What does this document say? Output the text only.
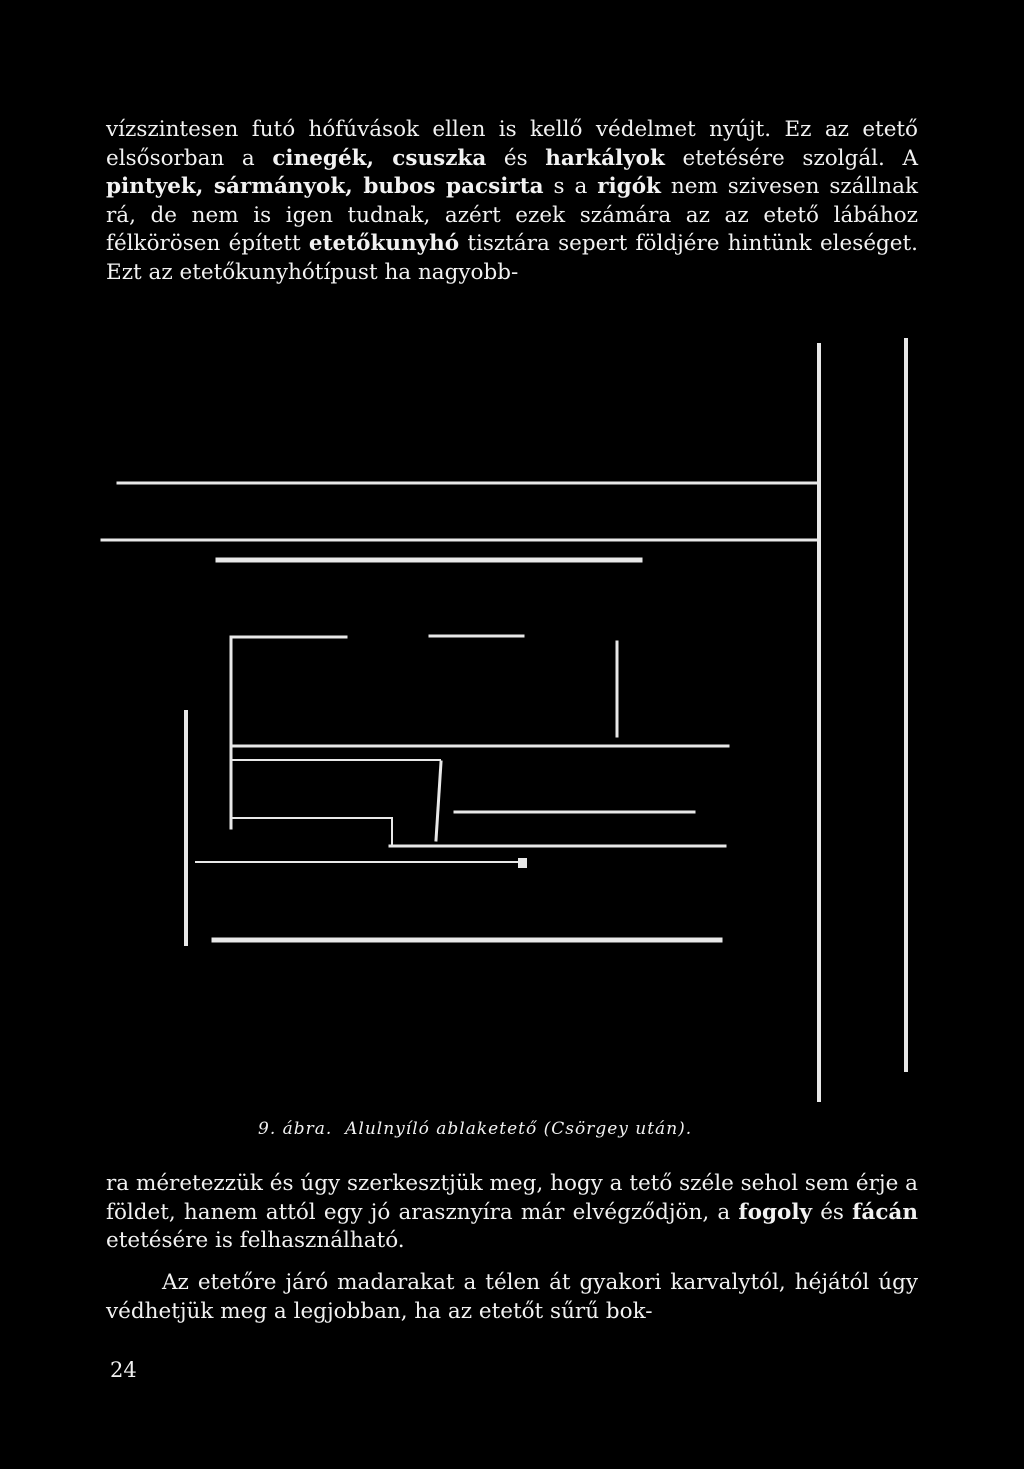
vízszintesen futó hófúvások ellen is kellő védelmet nyújt. Ez az etető elsősorban a cinegék, csuszka és harkályok etetésére szolgál. A pintyek, sármányok, bubos pacsirta s a rigók nem szivesen szállnak rá, de nem is igen tudnak, azért ezek számára az az etető lábához félkörösen épített etetőkunyhó tisztára sepert földjére hintünk eleséget. Ezt az etetőkunyhótípust ha nagyobb-

9. ábra. Alulnyíló ablaketető (Csörgey után).

ra méretezzük és úgy szerkesztjük meg, hogy a tető széle sehol sem érje a földet, hanem attól egy jó arasznyíra már elvégződjön, a fogoly és fácán etetésére is felhasználható.

Az etetőre járó madarakat a télen át gyakori karvalytól, héjától úgy védhetjük meg a legjobban, ha az etetőt sűrű bok-

24
